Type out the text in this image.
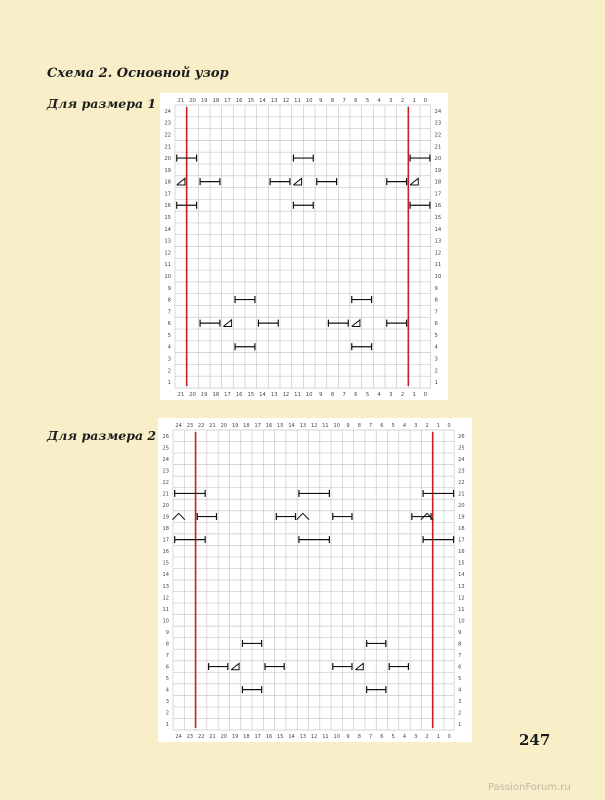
Схема 2. Основной узор
Для размера 1	21 20 19 18 17 16 15 14 13 12 11 10 9 8 7 6 5 4 3 2 1
21 20 19 18 17 16 15 14 13 12 11 10 9 8 7 6 5 4 3 2 1
0
0
1
2
3
4
5
6
7
8
9
10
11
12
13
14
15
16
17
18
19
20
21
22
23
24
1
2
3
4
5
6
7
8
9
10
11
12
13
14
15
16
17
18
19
20
21
22
23
24
Для размера 2
24 23 22 21 20 19 18 17 16 15 14 13 12 11 10 9 8 7 6 5 4 3 2 1
24 23 22 21 20 19 18 17 16 15 14 13 12 11 10 9 8 7 6 5 4 3 2 1
0
0
1
2
3
4
5
6
7
8
9
10
11
12
13
14
15
16
17
18
19
20
21
22
23
24
25
26
1
2
3
4
5
6
7
8
9
10
11
12
13
14
15
16
17
18
19
20
21
22
23
24
25
26
247
PassionForum.ru
